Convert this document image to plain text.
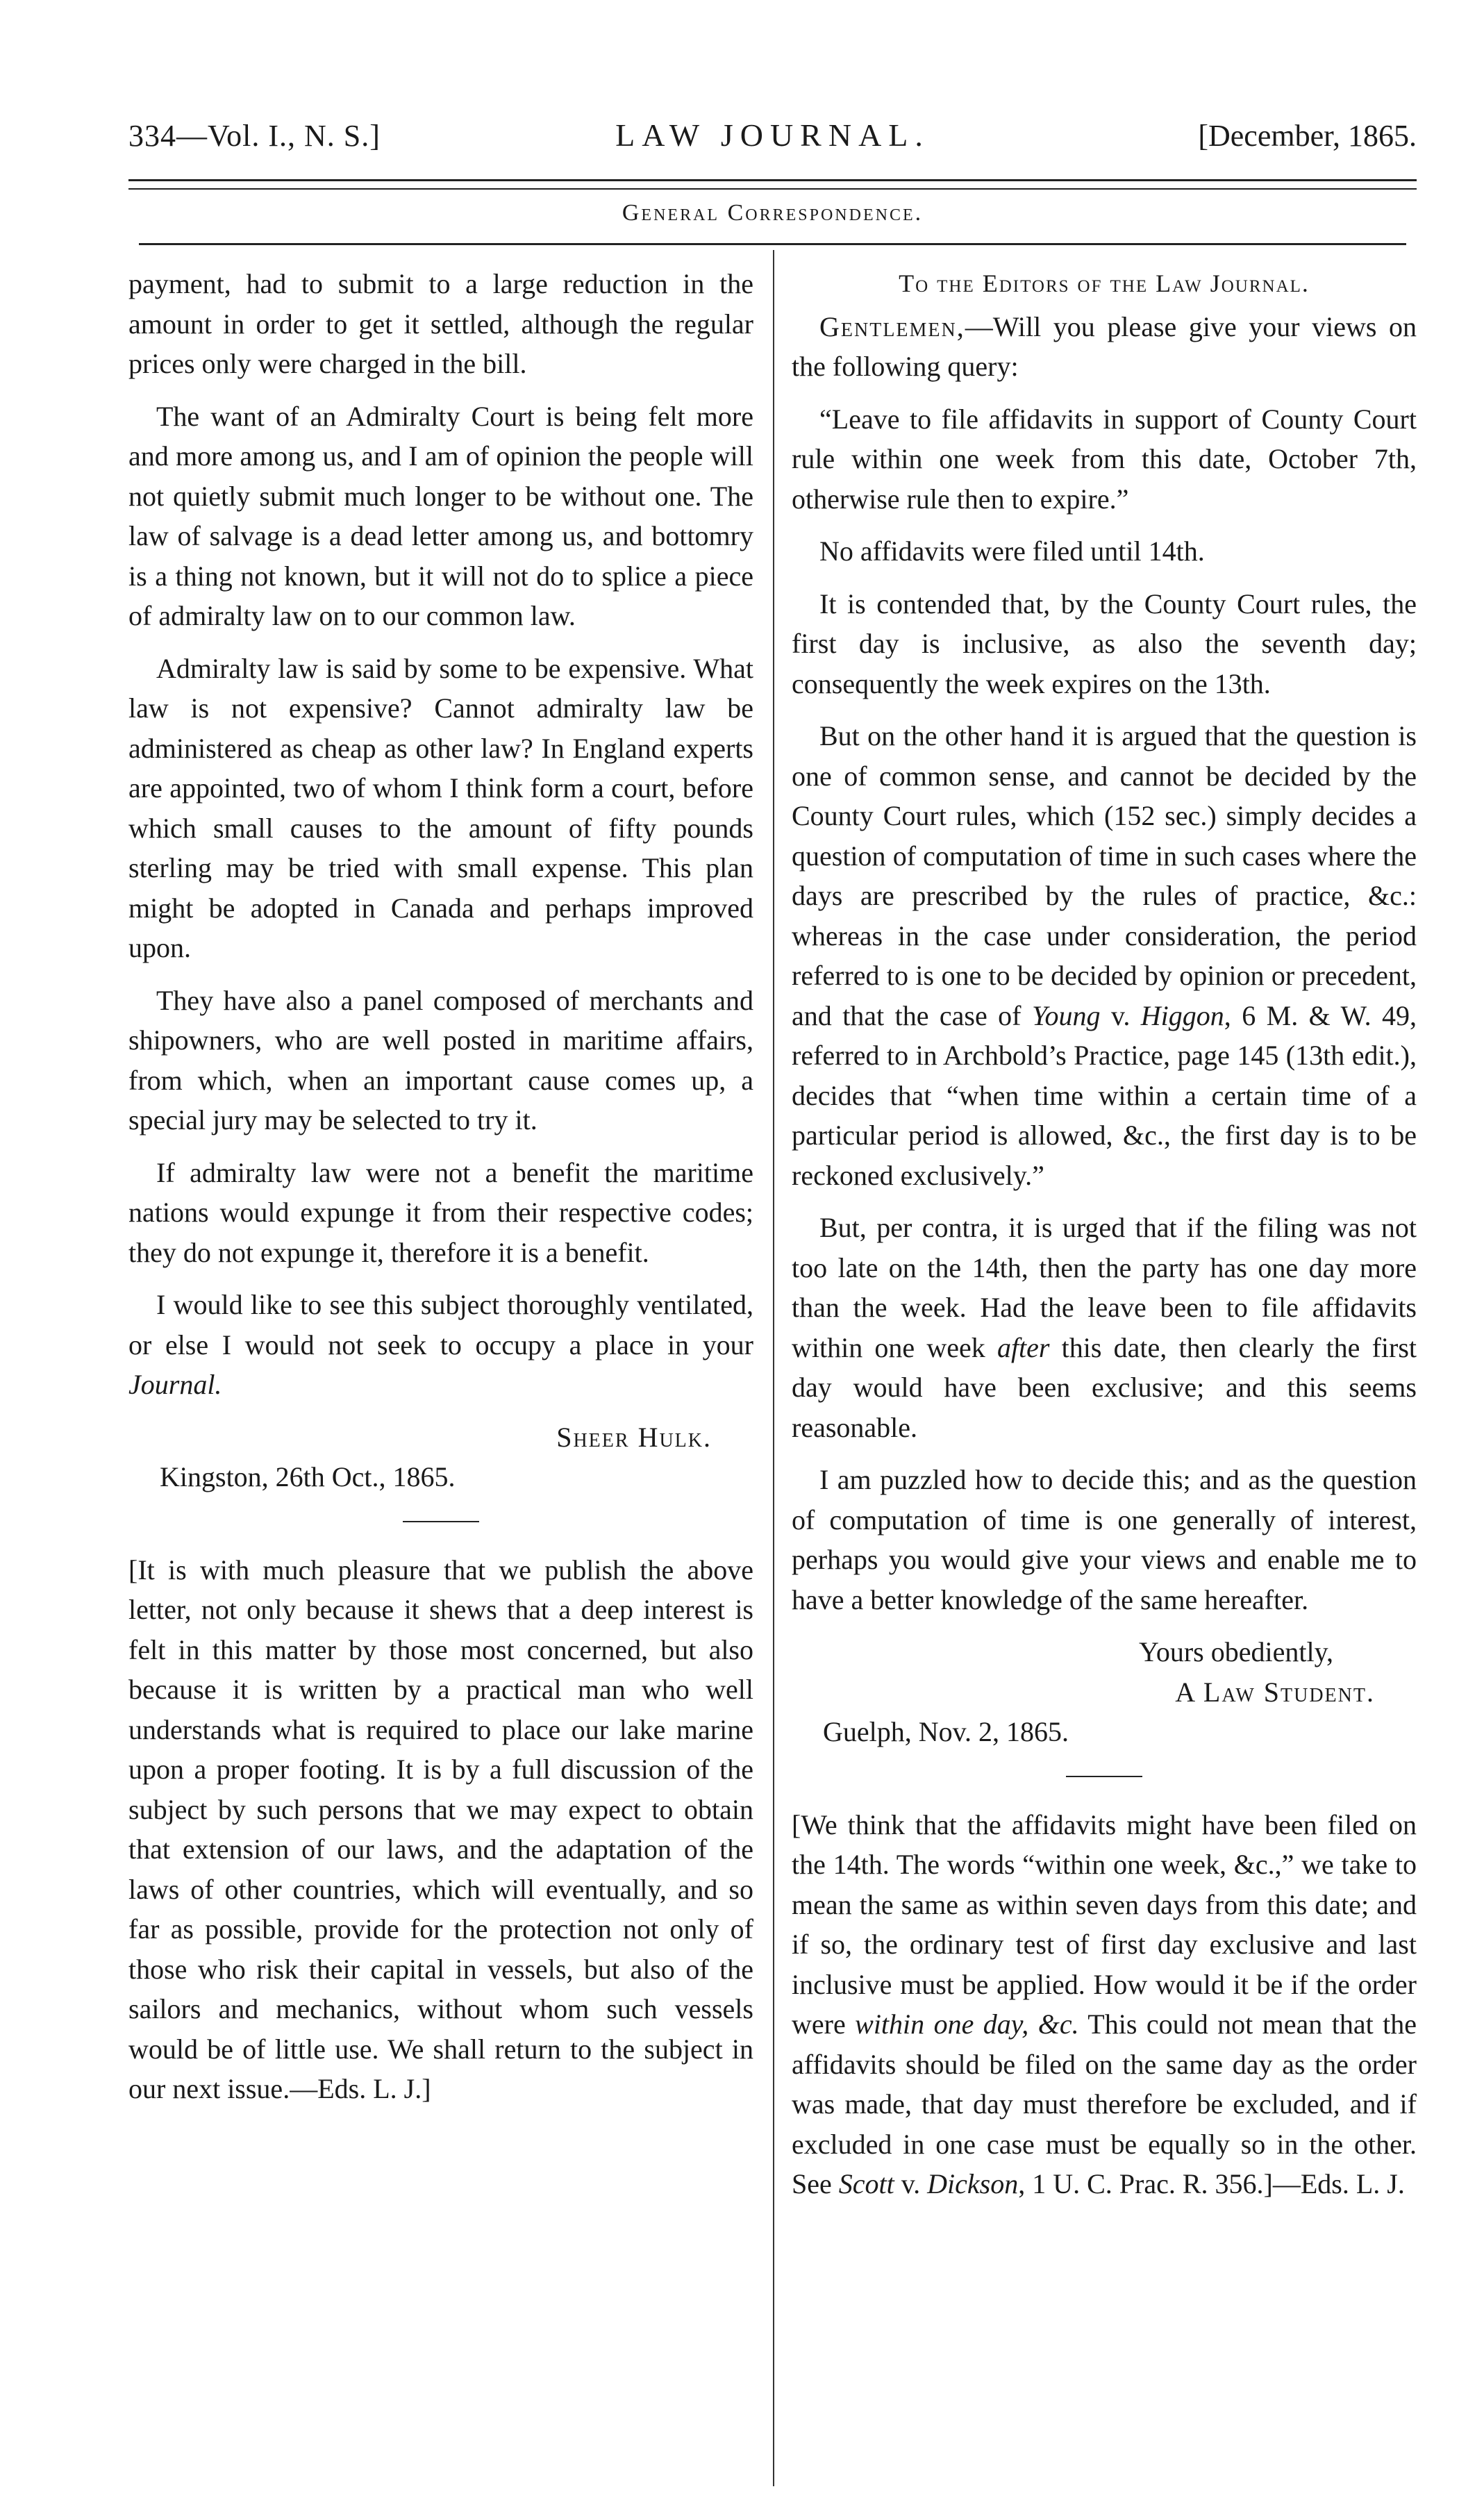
334—Vol. I., N. S.]	LAW JOURNAL.	[December, 1865.
General Correspondence.

payment, had to submit to a large reduction in the amount in order to get it settled, although the regular prices only were charged in the bill.

The want of an Admiralty Court is being felt more and more among us, and I am of opinion the people will not quietly submit much longer to be without one. The law of salvage is a dead letter among us, and bottomry is a thing not known, but it will not do to splice a piece of admiralty law on to our common law.

Admiralty law is said by some to be expensive. What law is not expensive? Cannot admiralty law be administered as cheap as other law? In England experts are appointed, two of whom I think form a court, before which small causes to the amount of fifty pounds sterling may be tried with small expense. This plan might be adopted in Canada and perhaps improved upon.

They have also a panel composed of merchants and shipowners, who are well posted in maritime affairs, from which, when an important cause comes up, a special jury may be selected to try it.

If admiralty law were not a benefit the maritime nations would expunge it from their respective codes; they do not expunge it, therefore it is a benefit.

I would like to see this subject thoroughly ventilated, or else I would not seek to occupy a place in your Journal.

Sheer Hulk.

Kingston, 26th Oct., 1865.

[It is with much pleasure that we publish the above letter, not only because it shews that a deep interest is felt in this matter by those most concerned, but also because it is written by a practical man who well understands what is required to place our lake marine upon a proper footing. It is by a full discussion of the subject by such persons that we may expect to obtain that extension of our laws, and the adaptation of the laws of other countries, which will eventually, and so far as possible, provide for the protection not only of those who risk their capital in vessels, but also of the sailors and mechanics, without whom such vessels would be of little use. We shall return to the subject in our next issue.—Eds. L. J.]

To the Editors of the Law Journal.

Gentlemen,—Will you please give your views on the following query:

“Leave to file affidavits in support of County Court rule within one week from this date, October 7th, otherwise rule then to expire.”

No affidavits were filed until 14th.

It is contended that, by the County Court rules, the first day is inclusive, as also the seventh day; consequently the week expires on the 13th.

But on the other hand it is argued that the question is one of common sense, and cannot be decided by the County Court rules, which (152 sec.) simply decides a question of computation of time in such cases where the days are prescribed by the rules of practice, &c.: whereas in the case under consideration, the period referred to is one to be decided by opinion or precedent, and that the case of Young v. Higgon, 6 M. & W. 49, referred to in Archbold’s Practice, page 145 (13th edit.), decides that “when time within a certain time of a particular period is allowed, &c., the first day is to be reckoned exclusively.”

But, per contra, it is urged that if the filing was not too late on the 14th, then the party has one day more than the week. Had the leave been to file affidavits within one week after this date, then clearly the first day would have been exclusive; and this seems reasonable.

I am puzzled how to decide this; and as the question of computation of time is one generally of interest, perhaps you would give your views and enable me to have a better knowledge of the same hereafter.

Yours obediently,

A Law Student.

Guelph, Nov. 2, 1865.

[We think that the affidavits might have been filed on the 14th. The words “within one week, &c.,” we take to mean the same as within seven days from this date; and if so, the ordinary test of first day exclusive and last inclusive must be applied. How would it be if the order were within one day, &c. This could not mean that the affidavits should be filed on the same day as the order was made, that day must therefore be excluded, and if excluded in one case must be equally so in the other. See Scott v. Dickson, 1 U. C. Prac. R. 356.]—Eds. L. J.
